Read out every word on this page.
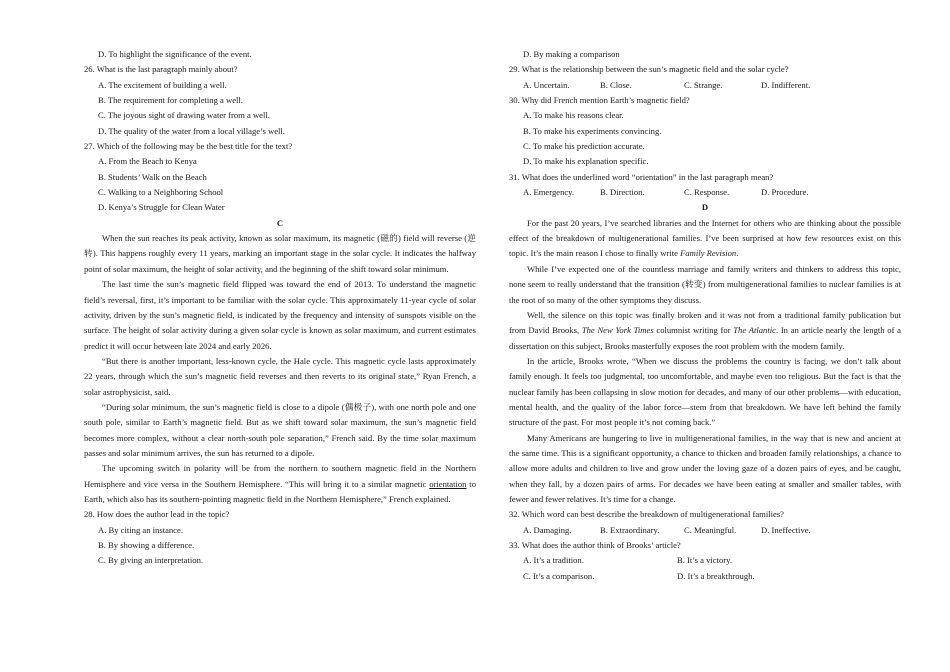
D. To highlight the significance of the event.

26. What is the last paragraph mainly about?

A. The excitement of building a well.

B. The requirement for completing a well.

C. The joyous sight of drawing water from a well.

D. The quality of the water from a local village’s well.

27. Which of the following may be the best title for the text?

A. From the Beach to Kenya

B. Students’ Walk on the Beach

C. Walking to a Neighboring School

D. Kenya’s Struggle for Clean Water

C

When the sun reaches its peak activity, known as solar maximum, its magnetic (磁的) field will reverse (逆转). This happens roughly every 11 years, marking an important stage in the solar cycle. It indicates the halfway point of solar maximum, the height of solar activity, and the beginning of the shift toward solar minimum.

The last time the sun’s magnetic field flipped was toward the end of 2013. To understand the magnetic field’s reversal, first, it’s important to be familiar with the solar cycle. This approximately 11-year cycle of solar activity, driven by the sun’s magnetic field, is indicated by the frequency and intensity of sunspots visible on the surface. The height of solar activity during a given solar cycle is known as solar maximum, and current estimates predict it will occur between late 2024 and early 2026.

“But there is another important, less-known cycle, the Hale cycle. This magnetic cycle lasts approximately 22 years, through which the sun’s magnetic field reverses and then reverts to its original state,” Ryan French, a solar astrophysicist, said.

“During solar minimum, the sun’s magnetic field is close to a dipole (偶极子), with one north pole and one south pole, similar to Earth’s magnetic field. But as we shift toward solar maximum, the sun’s magnetic field becomes more complex, without a clear north-south pole separation,” French said. By the time solar maximum passes and solar minimum arrives, the sun has returned to a dipole.

The upcoming switch in polarity will be from the northern to southern magnetic field in the Northern Hemisphere and vice versa in the Southern Hemisphere. “This will bring it to a similar magnetic orientation to Earth, which also has its southern-pointing magnetic field in the Northern Hemisphere,” French explained.

28. How does the author lead in the topic?

A. By citing an instance.

B. By showing a difference.

C. By giving an interpretation.

D. By making a comparison

29. What is the relationship between the sun’s magnetic field and the solar cycle?

A. Uncertain.	B. Close.	C. Strange.	D. Indifferent.

30. Why did French mention Earth’s magnetic field?

A. To make his reasons clear.

B. To make his experiments convincing.

C. To make his prediction accurate.

D. To make his explanation specific.

31. What does the underlined word “orientation” in the last paragraph mean?

A. Emergency.	B. Direction.	C. Response.	D. Procedure.

D

For the past 20 years, I’ve searched libraries and the Internet for others who are thinking about the possible effect of the breakdown of multigenerational families. I’ve been surprised at how few resources exist on this topic. It’s the main reason I chose to finally write Family Revision.

While I’ve expected one of the countless marriage and family writers and thinkers to address this topic, none seem to really understand that the transition (转变) from multigenerational families to nuclear families is at the root of so many of the other symptoms they discuss.

Well, the silence on this topic was finally broken and it was not from a traditional family publication but from David Brooks, The New York Times columnist writing for The Atlantic. In an article nearly the length of a dissertation on this subject, Brooks masterfully exposes the root problem with the modern family.

In the article, Brooks wrote, “When we discuss the problems the country is facing, we don’t talk about family enough. It feels too judgmental, too uncomfortable, and maybe even too religious. But the fact is that the nuclear family has been collapsing in slow motion for decades, and many of our other problems—with education, mental health, and the quality of the labor force—stem from that breakdown. We have left behind the family structure of the past. For most people it’s not coming back.”

Many Americans are hungering to live in multigenerational families, in the way that is new and ancient at the same time. This is a significant opportunity, a chance to thicken and broaden family relationships, a chance to allow more adults and children to live and grow under the loving gaze of a dozen pairs of eyes, and be caught, when they fall, by a dozen pairs of arms. For decades we have been eating at smaller and smaller tables, with fewer and fewer relatives. It’s time for a change.

32. Which word can best describe the breakdown of multigenerational families?

A. Damaging.	B. Extraordinary.	C. Meaningful.	D. Ineffective.

33. What does the author think of Brooks’ article?

A. It’s a tradition.	B. It’s a victory.
C. It’s a comparison.	D. It’s a breakthrough.
